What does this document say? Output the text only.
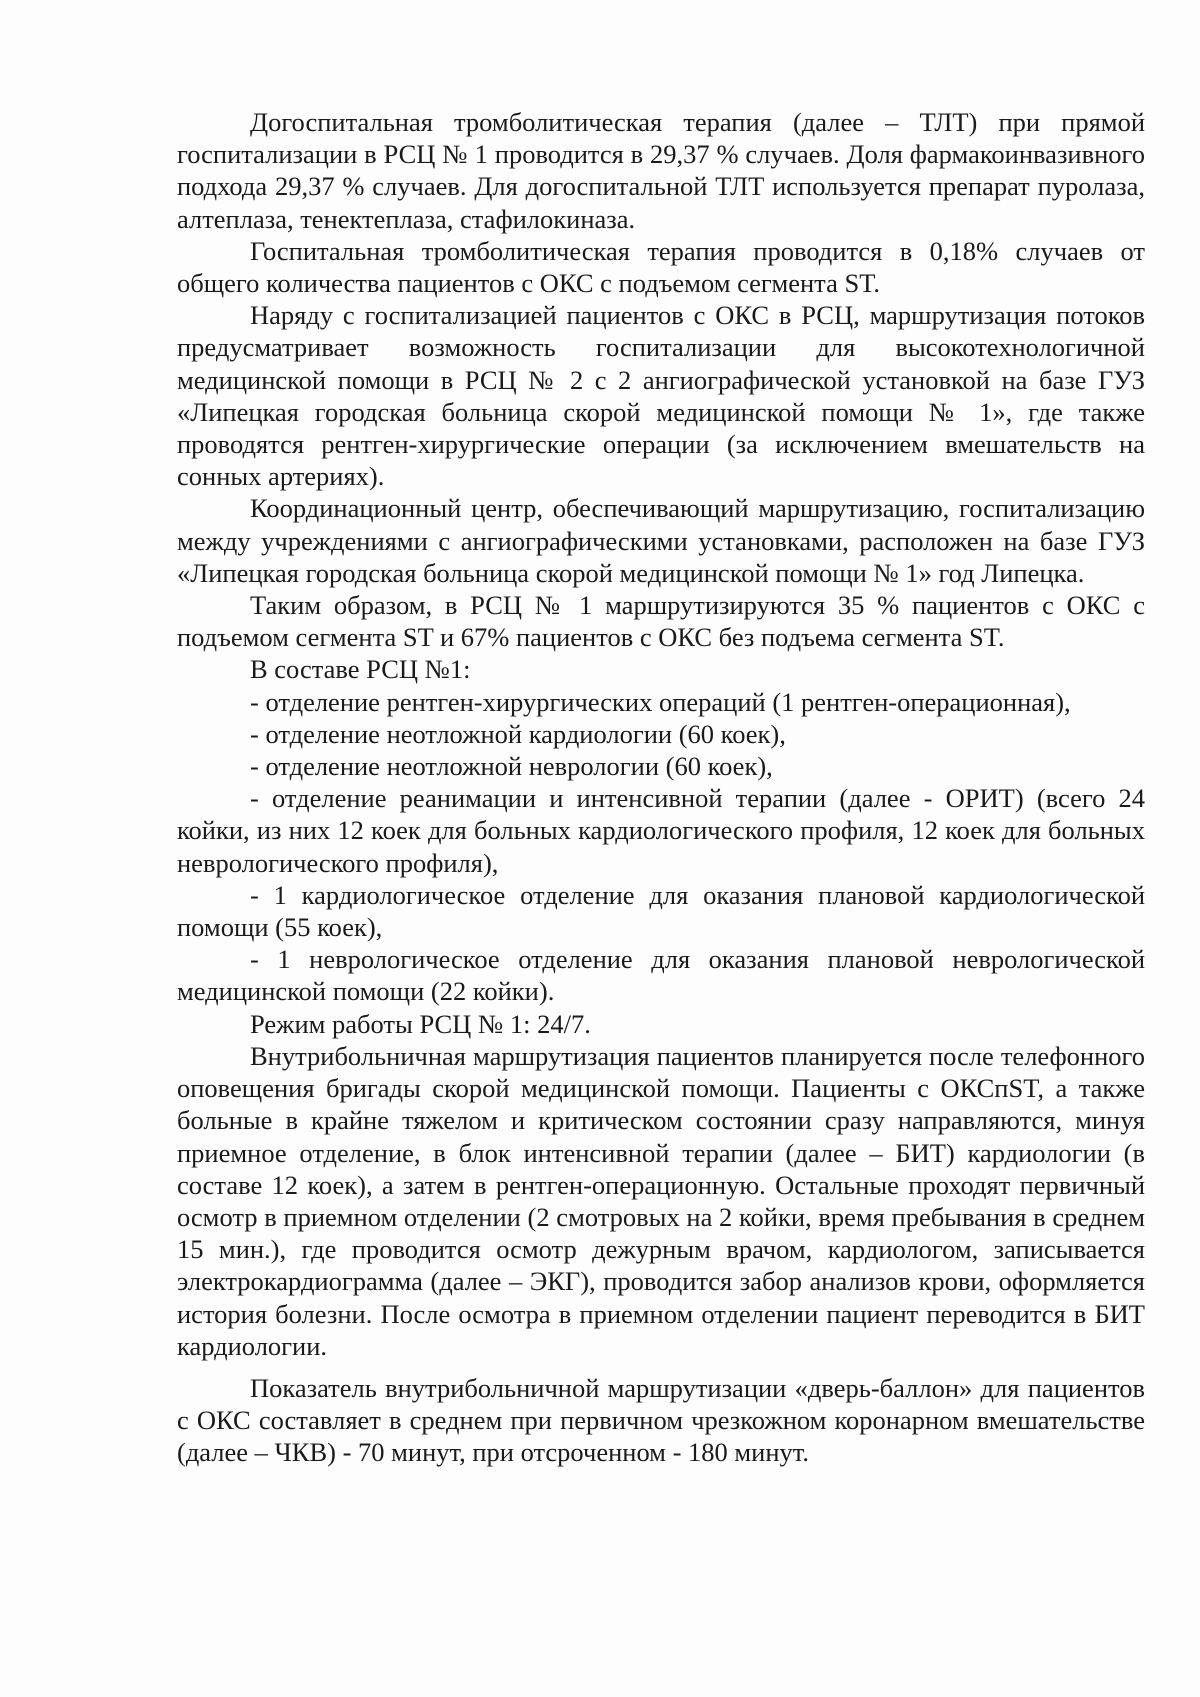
Догоспитальная тромболитическая терапия (далее – ТЛТ) при прямой госпитализации в РСЦ № 1 проводится в 29,37 % случаев. Доля фармакоинвазивного подхода 29,37 % случаев. Для догоспитальной ТЛТ используется препарат пуролаза, алтеплаза, тенектеплаза, стафилокиназа.

Госпитальная тромболитическая терапия проводится в 0,18% случаев от общего количества пациентов с ОКС с подъемом сегмента ST.

Наряду с госпитализацией пациентов с ОКС в РСЦ, маршрутизация потоков предусматривает возможность госпитализации для высокотехнологичной медицинской помощи в РСЦ № 2 с 2 ангиографической установкой на базе ГУЗ «Липецкая городская больница скорой медицинской помощи № 1», где также проводятся рентген-хирургические операции (за исключением вмешательств на сонных артериях).

Координационный центр, обеспечивающий маршрутизацию, госпитализацию между учреждениями с ангиографическими установками, расположен на базе ГУЗ «Липецкая городская больница скорой медицинской помощи № 1» год Липецка.

Таким образом, в РСЦ № 1 маршрутизируются 35 % пациентов с ОКС с подъемом сегмента ST и 67% пациентов с ОКС без подъема сегмента ST.

В составе РСЦ №1:

- отделение рентген-хирургических операций (1 рентген-операционная),

- отделение неотложной кардиологии (60 коек),

- отделение неотложной неврологии (60 коек),

- отделение реанимации и интенсивной терапии (далее - ОРИТ) (всего 24 койки, из них 12 коек для больных кардиологического профиля, 12 коек для больных неврологического профиля),

- 1 кардиологическое отделение для оказания плановой кардиологической помощи (55 коек),

- 1 неврологическое отделение для оказания плановой неврологической медицинской помощи (22 койки).

Режим работы РСЦ № 1: 24/7.

Внутрибольничная маршрутизация пациентов планируется после телефонного оповещения бригады скорой медицинской помощи. Пациенты с ОКСпST, а также больные в крайне тяжелом и критическом состоянии сразу направляются, минуя приемное отделение, в блок интенсивной терапии (далее – БИТ) кардиологии (в составе 12 коек), а затем в рентген-операционную. Остальные проходят первичный осмотр в приемном отделении (2 смотровых на 2 койки, время пребывания в среднем 15 мин.), где проводится осмотр дежурным врачом, кардиологом, записывается электрокардиограмма (далее – ЭКГ), проводится забор анализов крови, оформляется история болезни. После осмотра в приемном отделении пациент переводится в БИТ кардиологии.

Показатель внутрибольничной маршрутизации «дверь-баллон» для пациентов с ОКС составляет в среднем при первичном чрезкожном коронарном вмешательстве (далее – ЧКВ) - 70 минут, при отсроченном - 180 минут.
